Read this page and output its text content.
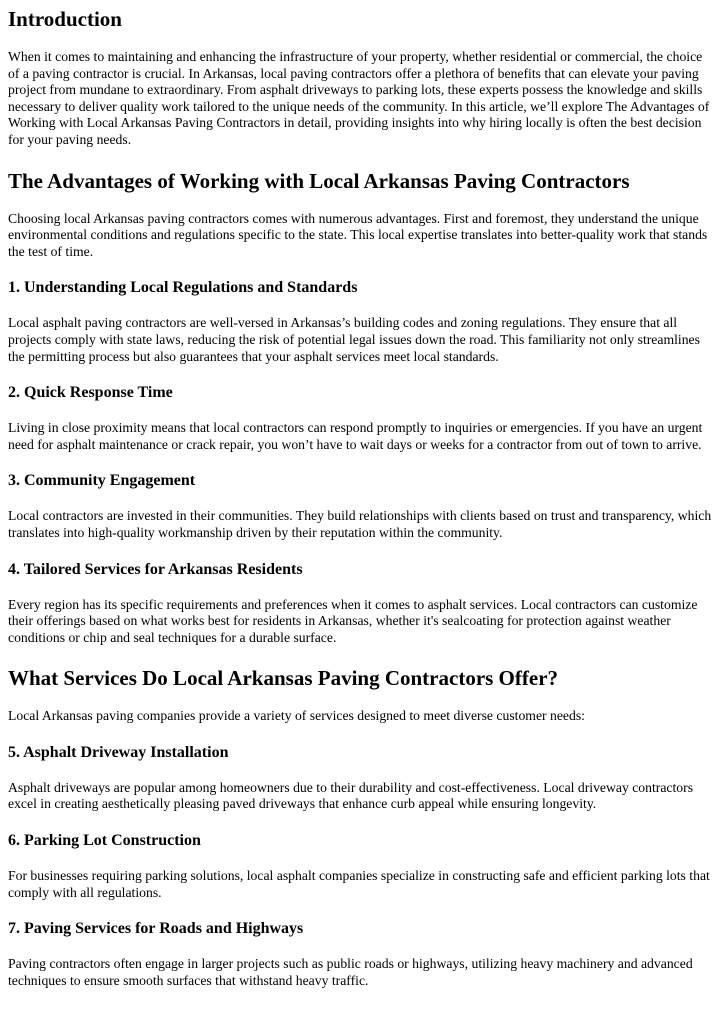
Introduction

When it comes to maintaining and enhancing the infrastructure of your property, whether residential or commercial, the choice of a paving contractor is crucial. In Arkansas, local paving contractors offer a plethora of benefits that can elevate your paving project from mundane to extraordinary. From asphalt driveways to parking lots, these experts possess the knowledge and skills necessary to deliver quality work tailored to the unique needs of the community. In this article, we’ll explore The Advantages of Working with Local Arkansas Paving Contractors in detail, providing insights into why hiring locally is often the best decision for your paving needs.

The Advantages of Working with Local Arkansas Paving Contractors

Choosing local Arkansas paving contractors comes with numerous advantages. First and foremost, they understand the unique environmental conditions and regulations specific to the state. This local expertise translates into better-quality work that stands the test of time.

1. Understanding Local Regulations and Standards

Local asphalt paving contractors are well-versed in Arkansas’s building codes and zoning regulations. They ensure that all projects comply with state laws, reducing the risk of potential legal issues down the road. This familiarity not only streamlines the permitting process but also guarantees that your asphalt services meet local standards.

2. Quick Response Time

Living in close proximity means that local contractors can respond promptly to inquiries or emergencies. If you have an urgent need for asphalt maintenance or crack repair, you won’t have to wait days or weeks for a contractor from out of town to arrive.

3. Community Engagement

Local contractors are invested in their communities. They build relationships with clients based on trust and transparency, which translates into high-quality workmanship driven by their reputation within the community.

4. Tailored Services for Arkansas Residents

Every region has its specific requirements and preferences when it comes to asphalt services. Local contractors can customize their offerings based on what works best for residents in Arkansas, whether it's sealcoating for protection against weather conditions or chip and seal techniques for a durable surface.

What Services Do Local Arkansas Paving Contractors Offer?

Local Arkansas paving companies provide a variety of services designed to meet diverse customer needs:

5. Asphalt Driveway Installation

Asphalt driveways are popular among homeowners due to their durability and cost-effectiveness. Local driveway contractors excel in creating aesthetically pleasing paved driveways that enhance curb appeal while ensuring longevity.

6. Parking Lot Construction

For businesses requiring parking solutions, local asphalt companies specialize in constructing safe and efficient parking lots that comply with all regulations.

7. Paving Services for Roads and Highways

Paving contractors often engage in larger projects such as public roads or highways, utilizing heavy machinery and advanced techniques to ensure smooth surfaces that withstand heavy traffic.
